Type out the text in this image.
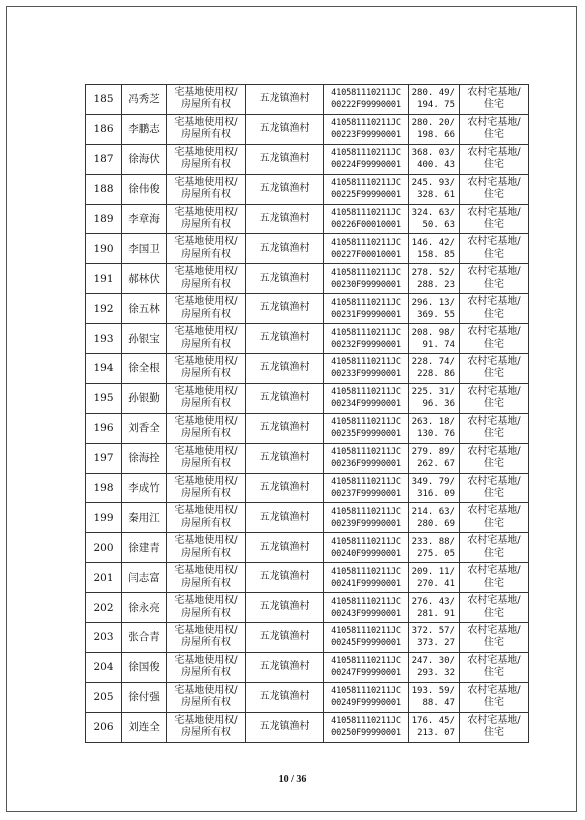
185	冯秀芝	宅基地使用权/
房屋所有权	五龙镇渔村	410581110211JC
00222F99990001	280. 49/
194. 75	农村宅基地/
住宅

186	李鹏志	宅基地使用权/
房屋所有权	五龙镇渔村	410581110211JC
00223F99990001	280. 20/
198. 66	农村宅基地/
住宅

187	徐海伏	宅基地使用权/
房屋所有权	五龙镇渔村	410581110211JC
00224F99990001	368. 03/
400. 43	农村宅基地/
住宅

188	徐伟俊	宅基地使用权/
房屋所有权	五龙镇渔村	410581110211JC
00225F99990001	245. 93/
328. 61	农村宅基地/
住宅

189	李章海	宅基地使用权/
房屋所有权	五龙镇渔村	410581110211JC
00226F00010001	324. 63/
50. 63	农村宅基地/
住宅

190	李国卫	宅基地使用权/
房屋所有权	五龙镇渔村	410581110211JC
00227F00010001	146. 42/
158. 85	农村宅基地/
住宅

191	郝林伏	宅基地使用权/
房屋所有权	五龙镇渔村	410581110211JC
00230F99990001	278. 52/
288. 23	农村宅基地/
住宅

192	徐五林	宅基地使用权/
房屋所有权	五龙镇渔村	410581110211JC
00231F99990001	296. 13/
369. 55	农村宅基地/
住宅

193	孙银宝	宅基地使用权/
房屋所有权	五龙镇渔村	410581110211JC
00232F99990001	208. 98/
91. 74	农村宅基地/
住宅

194	徐全根	宅基地使用权/
房屋所有权	五龙镇渔村	410581110211JC
00233F99990001	228. 74/
228. 86	农村宅基地/
住宅

195	孙银勤	宅基地使用权/
房屋所有权	五龙镇渔村	410581110211JC
00234F99990001	225. 31/
96. 36	农村宅基地/
住宅

196	刘香全	宅基地使用权/
房屋所有权	五龙镇渔村	410581110211JC
00235F99990001	263. 18/
130. 76	农村宅基地/
住宅

197	徐海拴	宅基地使用权/
房屋所有权	五龙镇渔村	410581110211JC
00236F99990001	279. 89/
262. 67	农村宅基地/
住宅

198	李成竹	宅基地使用权/
房屋所有权	五龙镇渔村	410581110211JC
00237F99990001	349. 79/
316. 09	农村宅基地/
住宅

199	秦用江	宅基地使用权/
房屋所有权	五龙镇渔村	410581110211JC
00239F99990001	214. 63/
280. 69	农村宅基地/
住宅

200	徐建青	宅基地使用权/
房屋所有权	五龙镇渔村	410581110211JC
00240F99990001	233. 88/
275. 05	农村宅基地/
住宅

201	闫志富	宅基地使用权/
房屋所有权	五龙镇渔村	410581110211JC
00241F99990001	209. 11/
270. 41	农村宅基地/
住宅

202	徐永亮	宅基地使用权/
房屋所有权	五龙镇渔村	410581110211JC
00243F99990001	276. 43/
281. 91	农村宅基地/
住宅

203	张合青	宅基地使用权/
房屋所有权	五龙镇渔村	410581110211JC
00245F99990001	372. 57/
373. 27	农村宅基地/
住宅

204	徐国俊	宅基地使用权/
房屋所有权	五龙镇渔村	410581110211JC
00247F99990001	247. 30/
293. 32	农村宅基地/
住宅

205	徐付强	宅基地使用权/
房屋所有权	五龙镇渔村	410581110211JC
00249F99990001	193. 59/
88. 47	农村宅基地/
住宅

206	刘连全	宅基地使用权/
房屋所有权	五龙镇渔村	410581110211JC
00250F99990001	176. 45/
213. 07	农村宅基地/
住宅
10 / 36
